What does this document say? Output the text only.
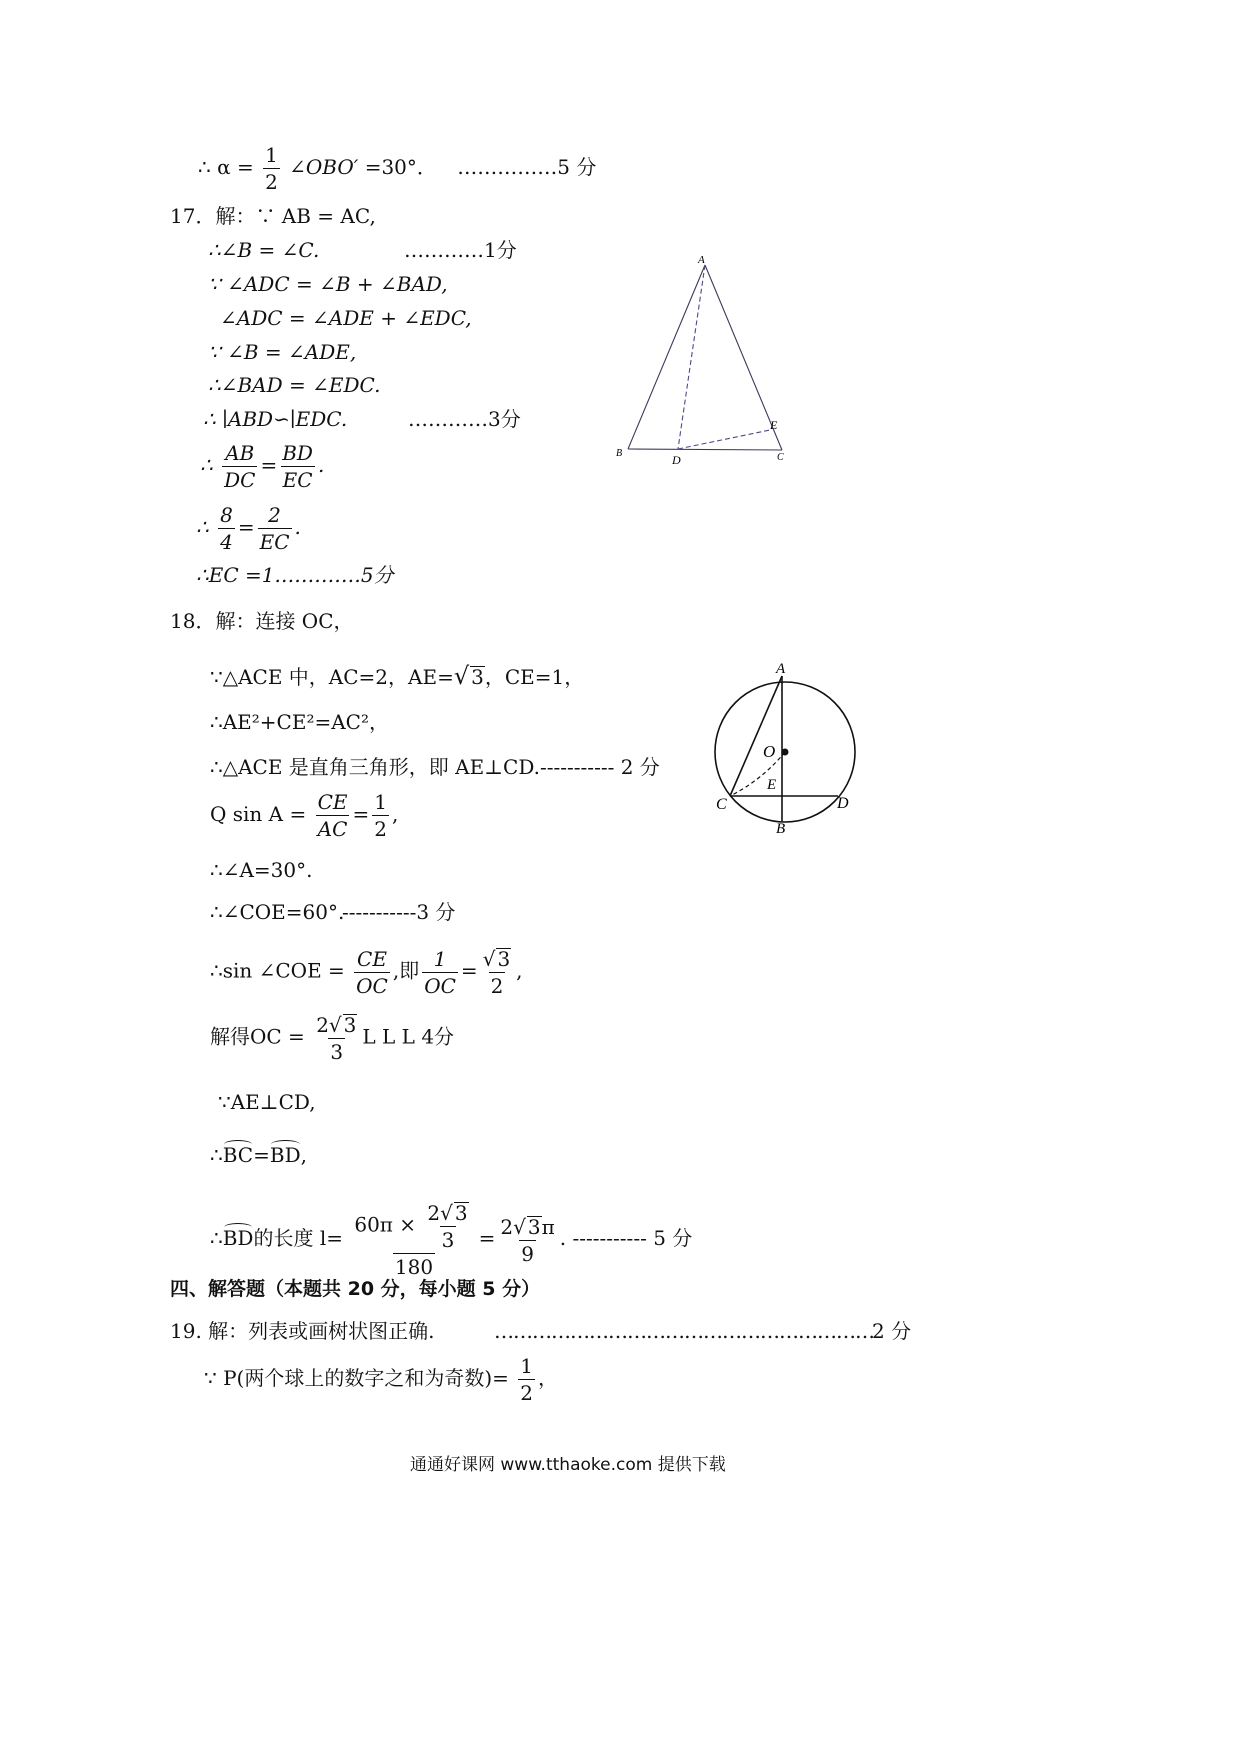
∴ $\alpha = \frac{1}{2}$ ∠OBO′ =30°． ……………5 分
17．解：∵ AB = AC,
∴∠B = ∠C.	…………1分
∵ ∠ADC = ∠B + ∠BAD,
∠ADC = ∠ADE + ∠EDC,
∵ ∠B = ∠ADE,
∴∠BAD = ∠EDC.
∴ ∣ABD∽∣EDC.	…………3分
∴ $\frac{AB}{DC} = \frac{BD}{EC}$ .
∴ $\frac{8}{4} = \frac{2}{EC}$ .
∴EC =1.…………5分
A
B	D
E
C
18．解：连接 OC，
∵△ACE 中，AC=2，AE=√ 3，CE=1，
∴AE²+CE²=AC²，
∴△ACE 是直角三角形，即 AE⊥CD. ----------- 2 分
Q $\sin A = \frac{CE}{AC} = \frac{1}{2}$ ,
∴∠A=30°.
∴∠COE=60°.
-----------3 分
∴sin ∠COE = $\frac{CE}{OC}$ ,即 $\frac{1}{OC} = \frac{√ 3}{2}$ ,
解得OC = $\frac{2√ 3}{3}$ L L L 4分
∵AE⊥CD,
∴BC=BD,
∴BD的长度 $l= \frac{60\pi \times \frac{2√ 3}{3}}{180} = \frac{2√ 3\pi}{9}$ . ----------- 5 分
A
O
E
C	D
B
四、解答题（本题共 20 分，每小题 5 分）
19. 解：列表或画树状图正确.	……………………………………………………
2 分
∵ P(两个球上的数字之和为奇数)= $\frac{1}{2}$ ，
通通好课网 www.tthaoke.com 提供下载
